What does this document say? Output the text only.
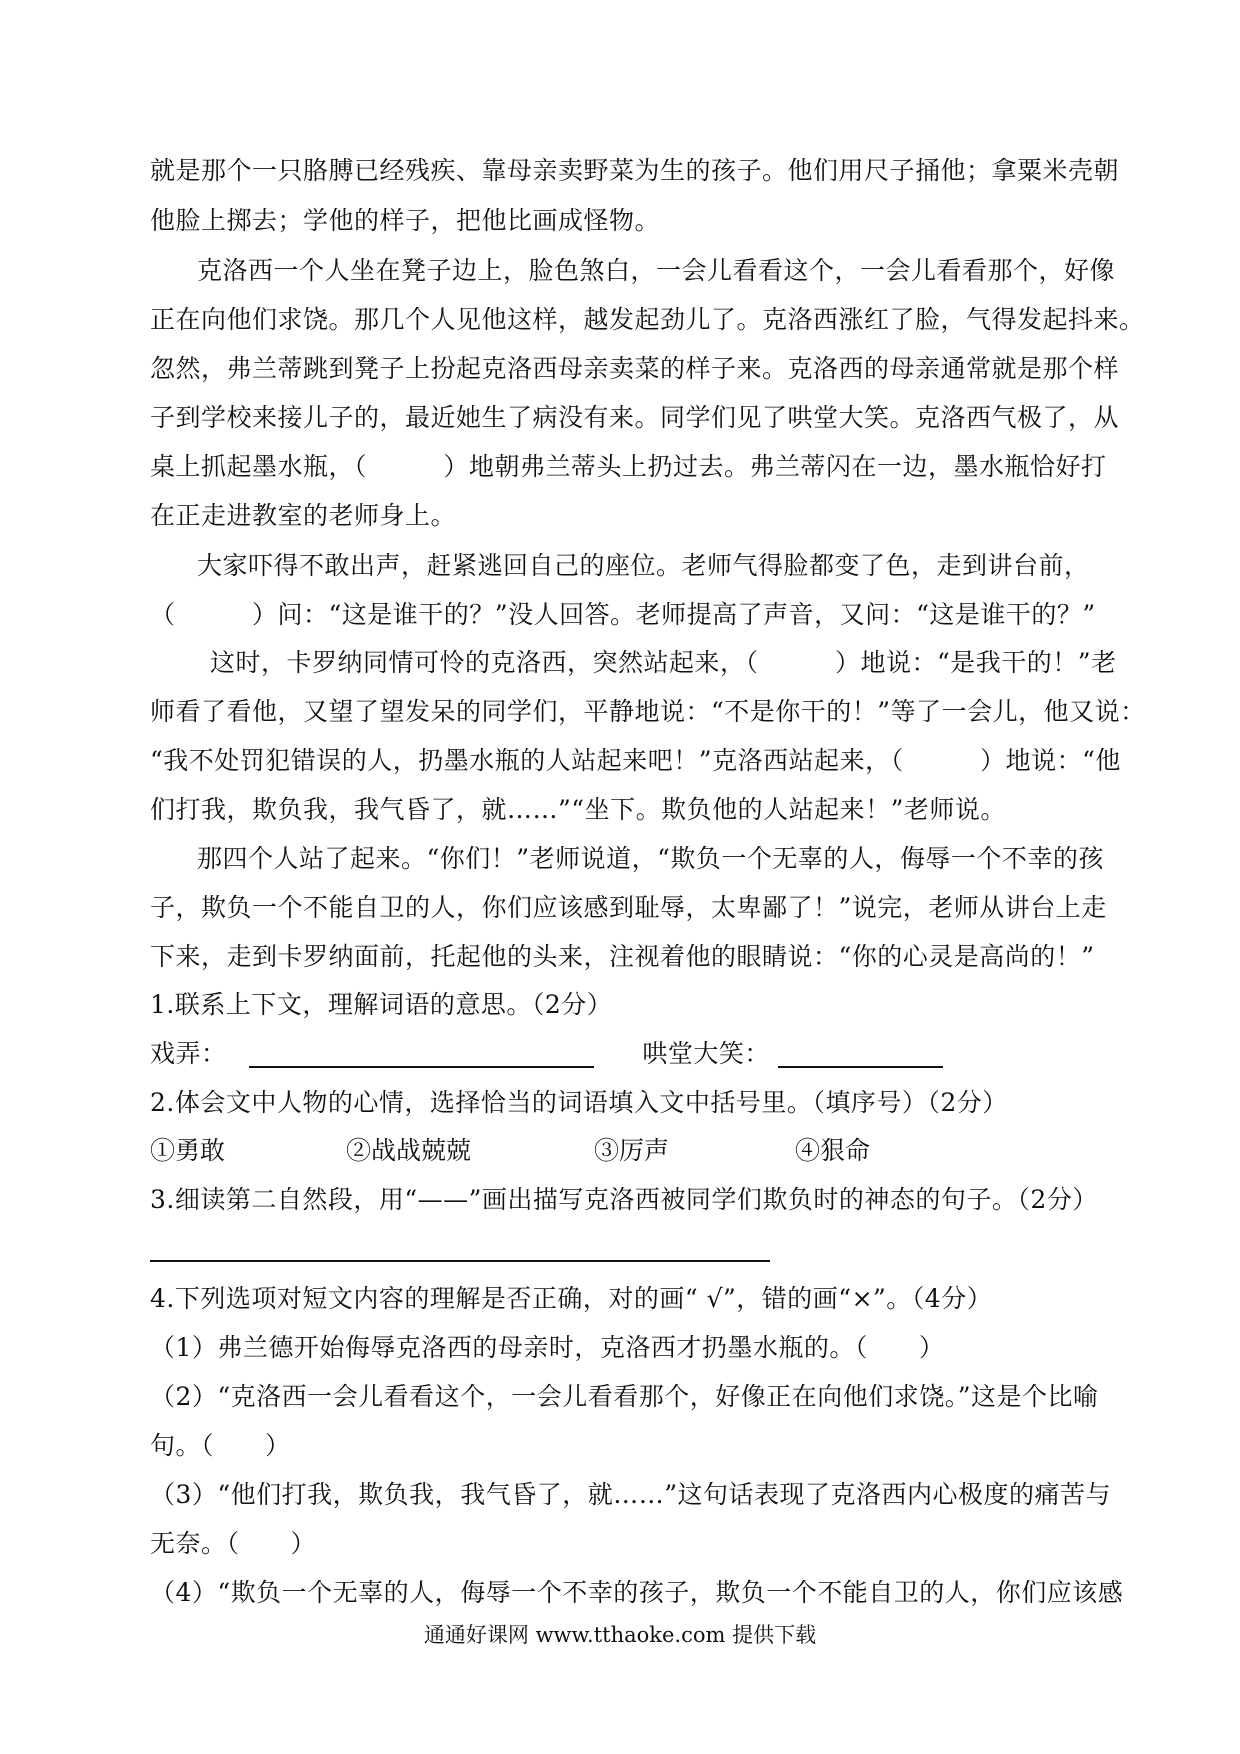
就是那个一只胳膊已经残疾、靠母亲卖野菜为生的孩子。他们用尺子捅他；拿粟米壳朝
他脸上掷去；学他的样子，把他比画成怪物。
克洛西一个人坐在凳子边上，脸色煞白，一会儿看看这个，一会儿看看那个，好像
正在向他们求饶。那几个人见他这样，越发起劲儿了。克洛西涨红了脸，气得发起抖来。
忽然，弗兰蒂跳到凳子上扮起克洛西母亲卖菜的样子来。克洛西的母亲通常就是那个样
子到学校来接儿子的，最近她生了病没有来。同学们见了哄堂大笑。克洛西气极了，从
桌上抓起墨水瓶，（　　　）地朝弗兰蒂头上扔过去。弗兰蒂闪在一边，墨水瓶恰好打
在正走进教室的老师身上。
大家吓得不敢出声，赶紧逃回自己的座位。老师气得脸都变了色，走到讲台前，
（　　　）问：“这是谁干的？”没人回答。老师提高了声音，又问：“这是谁干的？”
这时，卡罗纳同情可怜的克洛西，突然站起来，（　　　）地说：“是我干的！”老
师看了看他，又望了望发呆的同学们，平静地说：“不是你干的！”等了一会儿，他又说：
“我不处罚犯错误的人，扔墨水瓶的人站起来吧！”克洛西站起来，（　　　）地说：“他
们打我，欺负我，我气昏了，就……”“坐下。欺负他的人站起来！”老师说。
那四个人站了起来。“你们！”老师说道，“欺负一个无辜的人，侮辱一个不幸的孩
子，欺负一个不能自卫的人，你们应该感到耻辱，太卑鄙了！”说完，老师从讲台上走
下来，走到卡罗纳面前，托起他的头来，注视着他的眼睛说：“你的心灵是高尚的！”
1.联系上下文，理解词语的意思。（2分）
戏弄：	哄堂大笑：
2.体会文中人物的心情，选择恰当的词语填入文中括号里。（填序号）（2分）
①勇敢	②战战兢兢	③厉声	④狠命
3.细读第二自然段，用“——”画出描写克洛西被同学们欺负时的神态的句子。（2分）
4.下列选项对短文内容的理解是否正确，对的画“ √”，错的画“×”。（4分）
（1）弗兰德开始侮辱克洛西的母亲时，克洛西才扔墨水瓶的。（　　）
（2）“克洛西一会儿看看这个，一会儿看看那个，好像正在向他们求饶。”这是个比喻
句。（　　）
（3）“他们打我，欺负我，我气昏了，就……”这句话表现了克洛西内心极度的痛苦与
无奈。（　　）
（4）“欺负一个无辜的人，侮辱一个不幸的孩子，欺负一个不能自卫的人，你们应该感
通通好课网 www.tthaoke.com 提供下载
